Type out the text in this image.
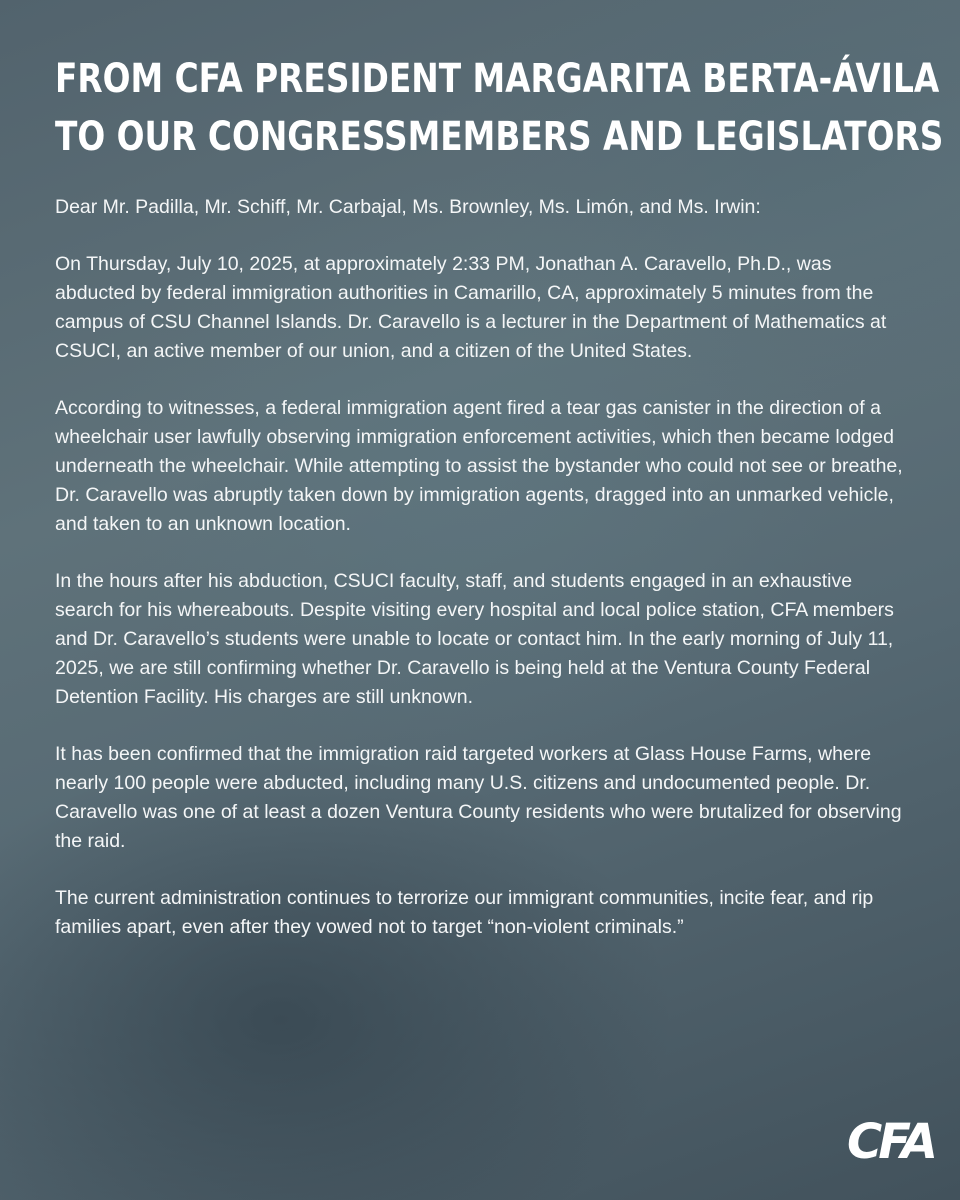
FROM CFA PRESIDENT MARGARITA BERTA-ÁVILA
TO OUR CONGRESSMEMBERS AND LEGISLATORS

Dear Mr. Padilla, Mr. Schiff, Mr. Carbajal, Ms. Brownley, Ms. Limón, and Ms. Irwin:

On Thursday, July 10, 2025, at approximately 2:33 PM, Jonathan A. Caravello, Ph.D., was abducted by federal immigration authorities in Camarillo, CA, approximately 5 minutes from the campus of CSU Channel Islands. Dr. Caravello is a lecturer in the Department of Mathematics at CSUCI, an active member of our union, and a citizen of the United States.

According to witnesses, a federal immigration agent fired a tear gas canister in the direction of a wheelchair user lawfully observing immigration enforcement activities, which then became lodged underneath the wheelchair. While attempting to assist the bystander who could not see or breathe, Dr. Caravello was abruptly taken down by immigration agents, dragged into an unmarked vehicle, and taken to an unknown location.

In the hours after his abduction, CSUCI faculty, staff, and students engaged in an exhaustive search for his whereabouts. Despite visiting every hospital and local police station, CFA members and Dr. Caravello’s students were unable to locate or contact him. In the early morning of July 11, 2025, we are still confirming whether Dr. Caravello is being held at the Ventura County Federal Detention Facility. His charges are still unknown.

It has been confirmed that the immigration raid targeted workers at Glass House Farms, where nearly 100 people were abducted, including many U.S. citizens and undocumented people. Dr. Caravello was one of at least a dozen Ventura County residents who were brutalized for observing the raid.

The current administration continues to terrorize our immigrant communities, incite fear, and rip families apart, even after they vowed not to target “non-violent criminals.”

CFA
